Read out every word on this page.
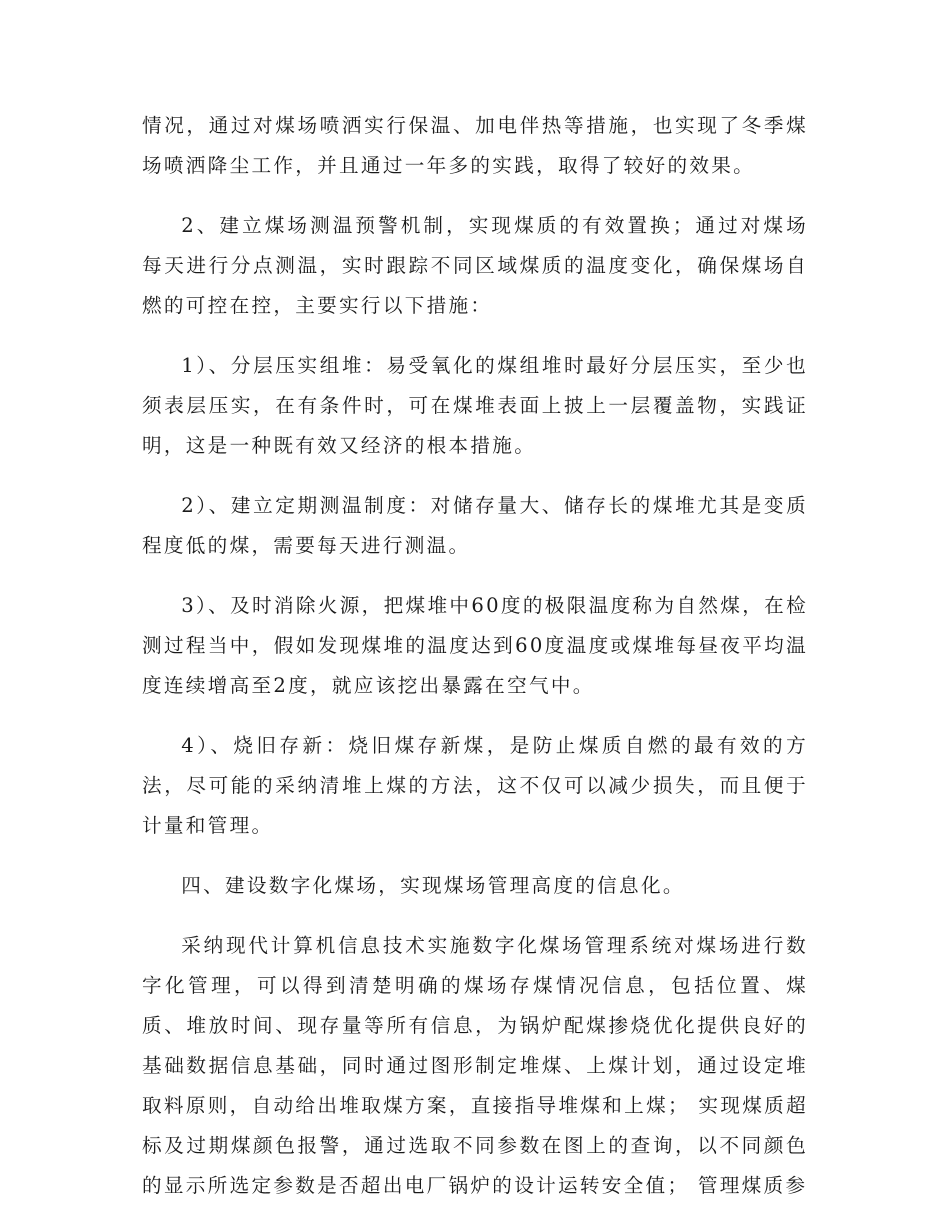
情况，通过对煤场喷洒实行保温、加电伴热等措施，也实现了冬季煤场喷洒降尘工作，并且通过一年多的实践，取得了较好的效果。

2、建立煤场测温预警机制，实现煤质的有效置换；通过对煤场每天进行分点测温，实时跟踪不同区域煤质的温度变化，确保煤场自燃的可控在控，主要实行以下措施：

1）、分层压实组堆：易受氧化的煤组堆时最好分层压实，至少也须表层压实，在有条件时，可在煤堆表面上披上一层覆盖物，实践证明，这是一种既有效又经济的根本措施。

2）、建立定期测温制度：对储存量大、储存长的煤堆尤其是变质程度低的煤，需要每天进行测温。

3）、及时消除火源，把煤堆中60度的极限温度称为自然煤，在检测过程当中，假如发现煤堆的温度达到60度温度或煤堆每昼夜平均温度连续增高至2度，就应该挖出暴露在空气中。

4）、烧旧存新：烧旧煤存新煤，是防止煤质自燃的最有效的方法，尽可能的采纳清堆上煤的方法，这不仅可以减少损失，而且便于计量和管理。

四、建设数字化煤场，实现煤场管理高度的信息化。

采纳现代计算机信息技术实施数字化煤场管理系统对煤场进行数字化管理，可以得到清楚明确的煤场存煤情况信息，包括位置、煤质、堆放时间、现存量等所有信息，为锅炉配煤掺烧优化提供良好的基础数据信息基础，同时通过图形制定堆煤、上煤计划，通过设定堆取料原则，自动给出堆取煤方案，直接指导堆煤和上煤； 实现煤质超标及过期煤颜色报警，通过选取不同参数在图上的查询，以不同颜色的显示所选定参数是否超出电厂锅炉的设计运转安全值； 管理煤质参
